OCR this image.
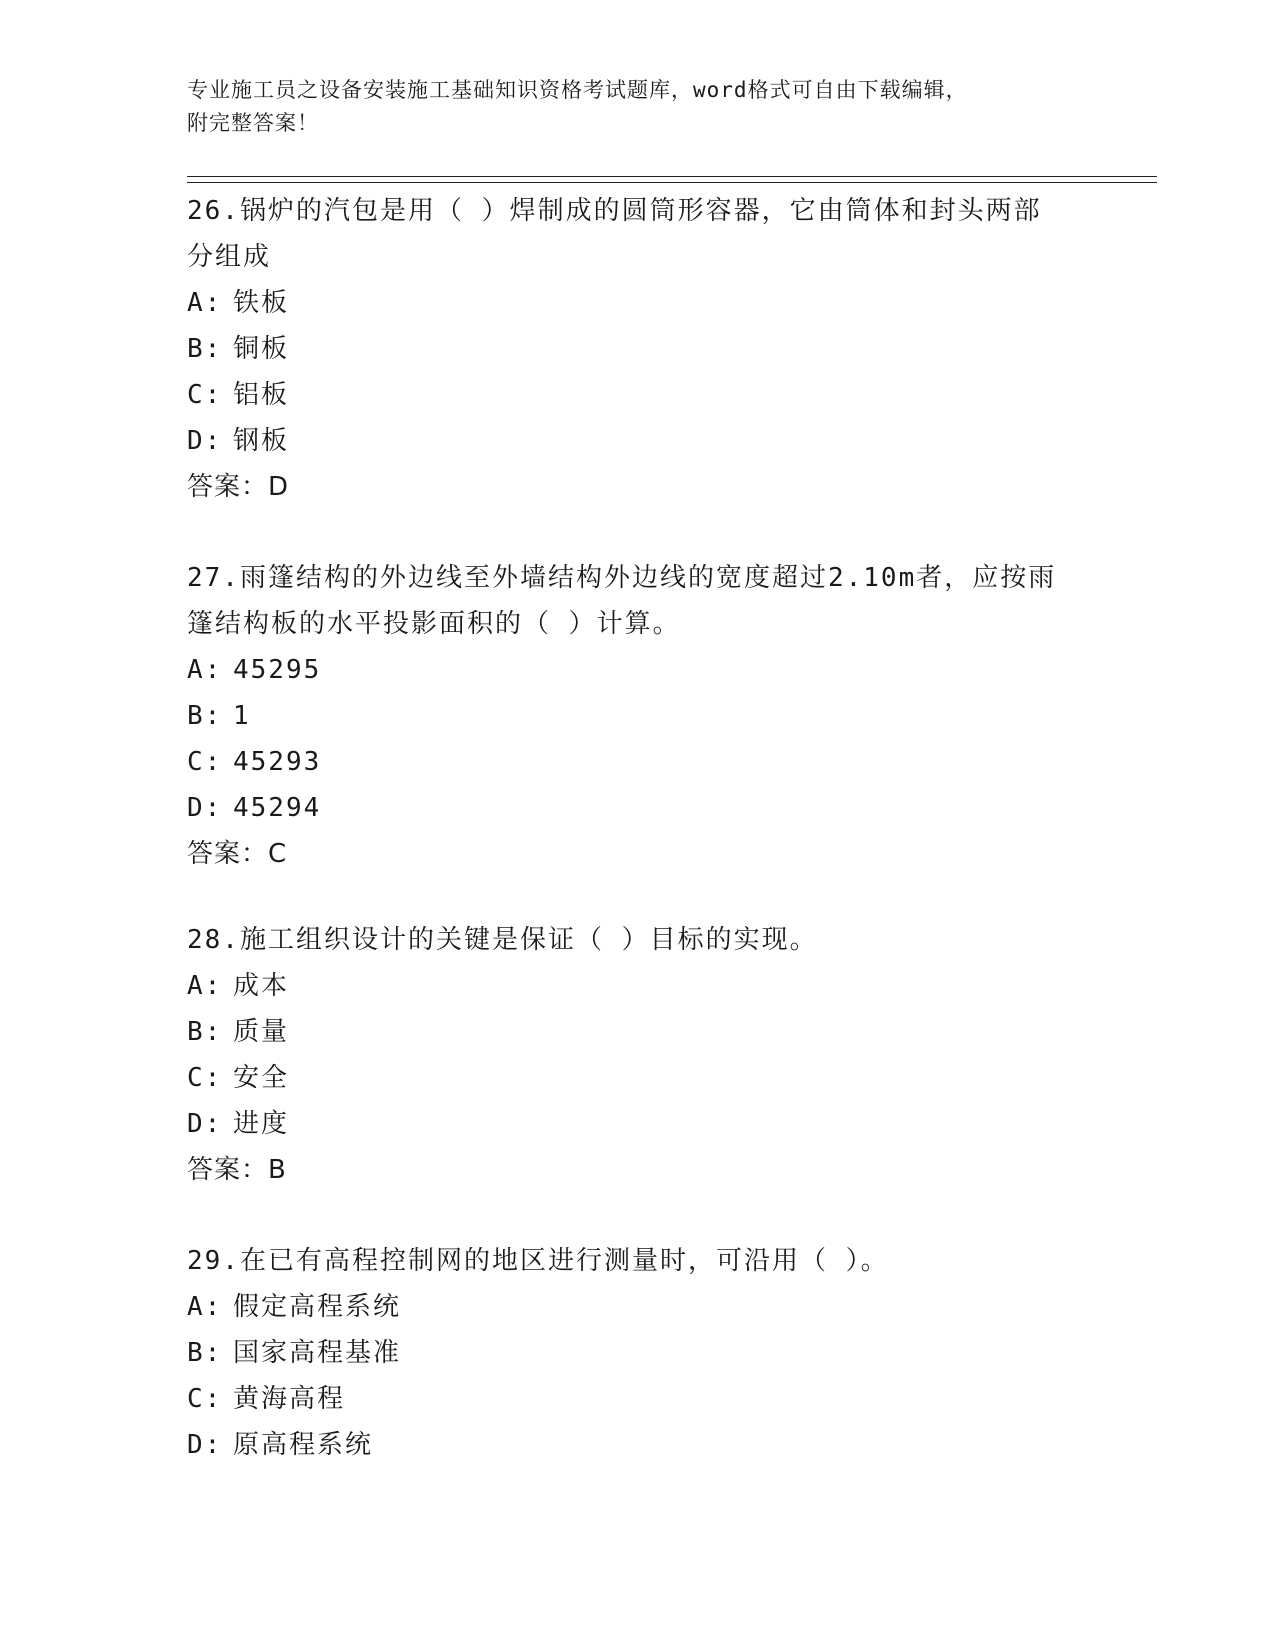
专业施工员之设备安装施工基础知识资格考试题库，word格式可自由下载编辑，
附完整答案！
26.锅炉的汽包是用（ ）焊制成的圆筒形容器，它由筒体和封头两部
分组成
A: 铁板
B: 铜板
C: 铝板
D: 钢板
答案：D
27.雨篷结构的外边线至外墙结构外边线的宽度超过2.10m者，应按雨
篷结构板的水平投影面积的（ ）计算。
A: 45295
B: 1
C: 45293
D: 45294
答案：C
28.施工组织设计的关键是保证（ ）目标的实现。
A: 成本
B: 质量
C: 安全
D: 进度
答案：B
29.在已有高程控制网的地区进行测量时，可沿用（ ）。
A: 假定高程系统
B: 国家高程基准
C: 黄海高程
D: 原高程系统
